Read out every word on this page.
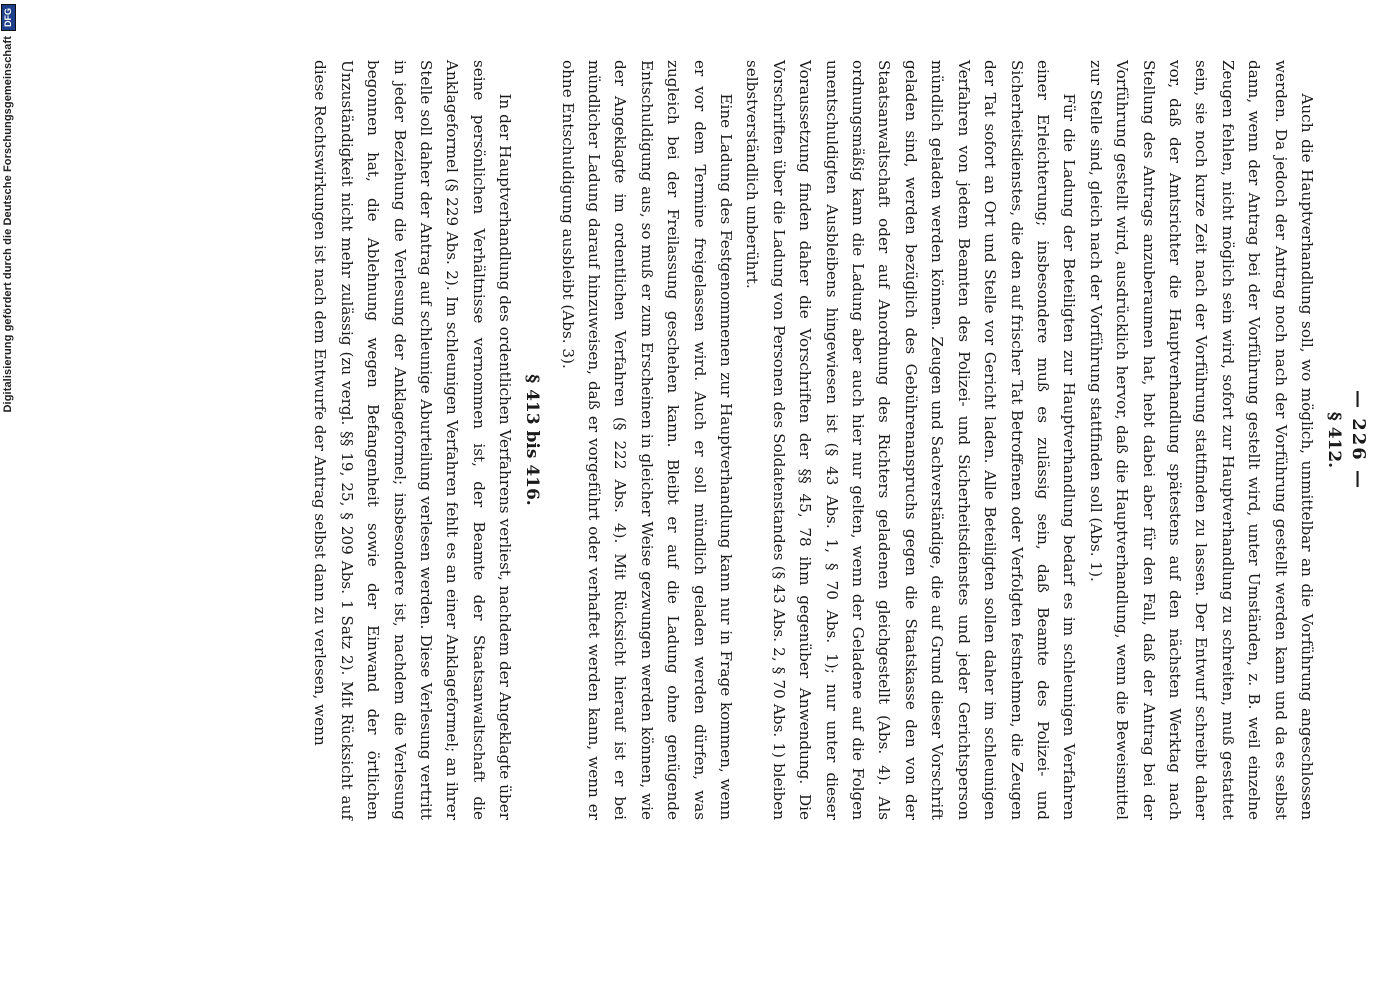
Digitalisierung gefördert durch die Deutsche Forschungsgemeinschaft
DFG
— 226 —
§ 412.

Auch die Hauptverhandlung soll, wo möglich, unmittelbar an die Vorführung angeschlossen werden. Da jedoch der Antrag noch nach der Vorführung gestellt werden kann und da es selbst dann, wenn der Antrag bei der Vorführung gestellt wird, unter Umständen, z. B. weil einzelne Zeugen fehlen, nicht möglich sein wird, sofort zur Hauptverhandlung zu schreiten, muß gestattet sein, sie noch kurze Zeit nach der Vorführung stattfinden zu lassen. Der Entwurf schreibt daher vor, daß der Amtsrichter die Hauptverhandlung spätestens auf den nächsten Werktag nach Stellung des Antrags anzuberaumen hat, hebt dabei aber für den Fall, daß der Antrag bei der Vorführung gestellt wird, ausdrücklich hervor, daß die Hauptverhandlung, wenn die Beweismittel zur Stelle sind, gleich nach der Vorführung stattfinden soll (Abs. 1).

Für die Ladung der Beteiligten zur Hauptverhandlung bedarf es im schleunigen Verfahren einer Erleichterung; insbesondere muß es zulässig sein, daß Beamte des Polizei- und Sicherheitsdienstes, die den auf frischer Tat Betroffenen oder Verfolgten festnehmen, die Zeugen der Tat sofort an Ort und Stelle vor Gericht laden. Alle Beteiligten sollen daher im schleunigen Verfahren von jedem Beamten des Polizei- und Sicherheitsdienstes und jeder Gerichtsperson mündlich geladen werden können. Zeugen und Sachverständige, die auf Grund dieser Vorschrift geladen sind, werden bezüglich des Gebührenanspruchs gegen die Staatskasse den von der Staatsanwaltschaft oder auf Anordnung des Richters geladenen gleichgestellt (Abs. 4). Als ordnungsmäßig kann die Ladung aber auch hier nur gelten, wenn der Geladene auf die Folgen unentschuldigten Ausbleibens hingewiesen ist (§ 43 Abs. 1, § 70 Abs. 1); nur unter dieser Voraussetzung finden daher die Vorschriften der §§ 45, 78 ihm gegenüber Anwendung. Die Vorschriften über die Ladung von Personen des Soldatenstandes (§ 43 Abs. 2, § 70 Abs. 1) bleiben selbstverständlich unberührt.

Eine Ladung des Festgenommenen zur Hauptverhandlung kann nur in Frage kommen, wenn er vor dem Termine freigelassen wird. Auch er soll mündlich geladen werden dürfen, was zugleich bei der Freilassung geschehen kann. Bleibt er auf die Ladung ohne genügende Entschuldigung aus, so muß er zum Erscheinen in gleicher Weise gezwungen werden können, wie der Angeklagte im ordentlichen Verfahren (§ 222 Abs. 4). Mit Rücksicht hierauf ist er bei mündlicher Ladung darauf hinzuweisen, daß er vorgeführt oder verhaftet werden kann, wenn er ohne Entschuldigung ausbleibt (Abs. 3).

§ 413 bis 416.

In der Hauptverhandlung des ordentlichen Verfahrens verliest, nachdem der Angeklagte über seine persönlichen Verhältnisse vernommen ist, der Beamte der Staatsanwaltschaft die Anklageformel (§ 229 Abs. 2). Im schleunigen Verfahren fehlt es an einer Anklageformel; an ihrer Stelle soll daher der Antrag auf schleunige Aburteilung verlesen werden. Diese Verlesung vertritt in jeder Beziehung die Verlesung der Anklageformel; insbesondere ist, nachdem die Verlesung begonnen hat, die Ablehnung wegen Befangenheit sowie der Einwand der örtlichen Unzuständigkeit nicht mehr zulässig (zu vergl. §§ 19, 25, § 209 Abs. 1 Satz 2). Mit Rücksicht auf diese Rechtswirkungen ist nach dem Entwurfe der Antrag selbst dann zu verlesen, wenn
